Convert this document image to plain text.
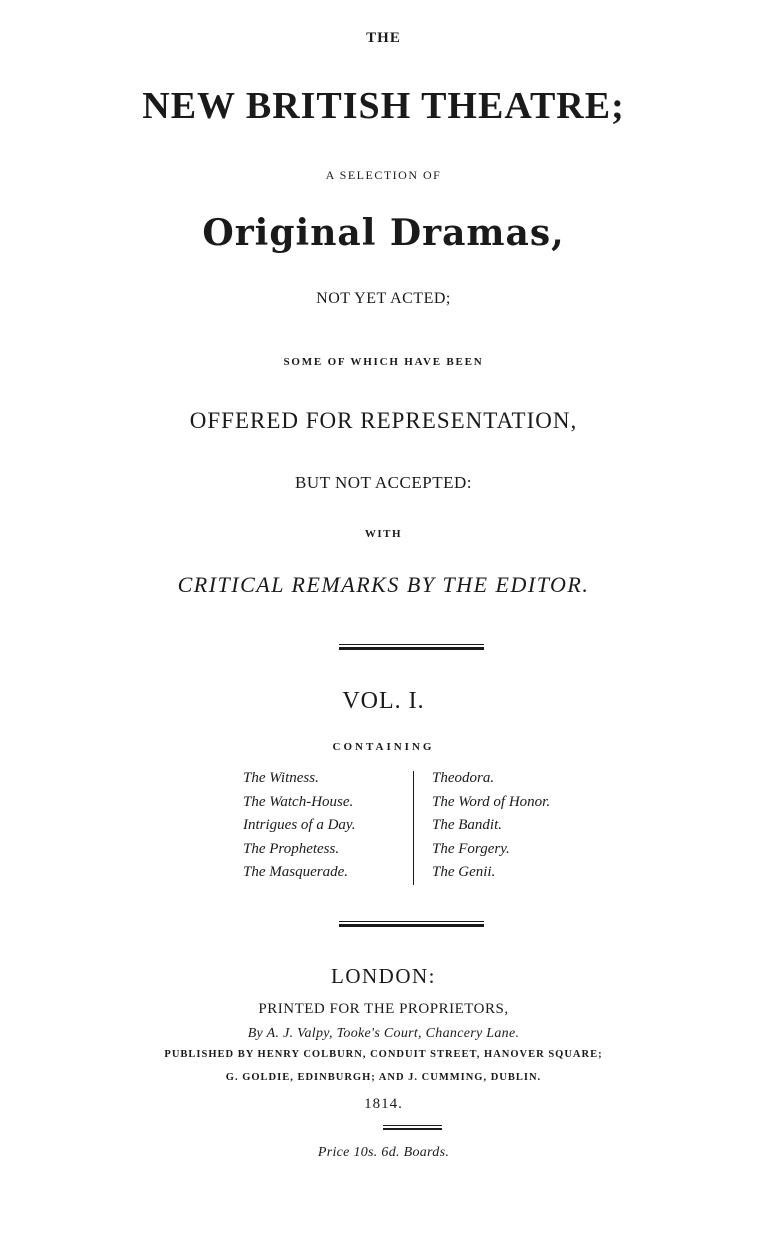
THE
NEW BRITISH THEATRE;
A SELECTION OF
Original Dramas,
NOT YET ACTED;
SOME OF WHICH HAVE BEEN
OFFERED FOR REPRESENTATION,
BUT NOT ACCEPTED:
WITH
CRITICAL REMARKS BY THE EDITOR.
VOL. I.
CONTAINING
The Witness.
The Watch-House.
Intrigues of a Day.
The Prophetess.
The Masquerade.
Theodora.
The Word of Honor.
The Bandit.
The Forgery.
The Genii.
LONDON:
PRINTED FOR THE PROPRIETORS,
By A. J. Valpy, Tooke's Court, Chancery Lane.
PUBLISHED BY HENRY COLBURN, CONDUIT STREET, HANOVER SQUARE;
G. GOLDIE, EDINBURGH; AND J. CUMMING, DUBLIN.
1814.
Price 10s. 6d. Boards.
